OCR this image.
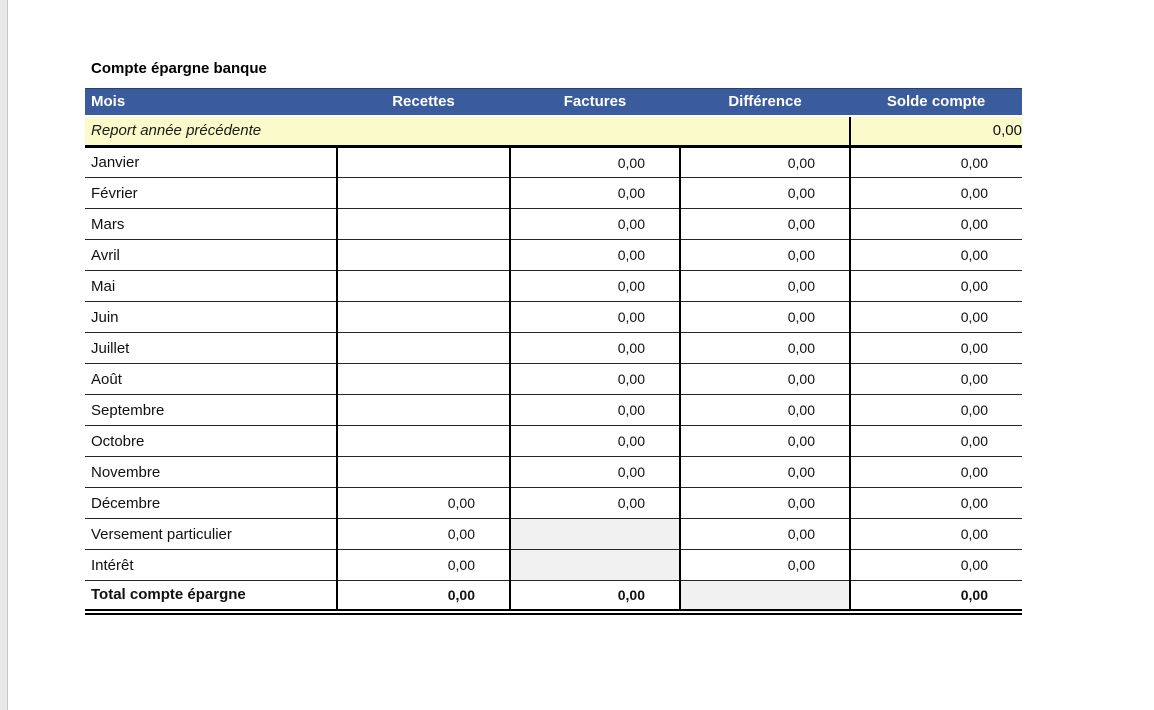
Compte épargne banque
Mois	Recettes	Factures	Différence	Solde compte
Report année précédente				0,00
Janvier		0,00	0,00	0,00
Février		0,00	0,00	0,00
Mars		0,00	0,00	0,00
Avril		0,00	0,00	0,00
Mai		0,00	0,00	0,00
Juin		0,00	0,00	0,00
Juillet		0,00	0,00	0,00
Août		0,00	0,00	0,00
Septembre		0,00	0,00	0,00
Octobre		0,00	0,00	0,00
Novembre		0,00	0,00	0,00
Décembre	0,00	0,00	0,00	0,00
Versement particulier	0,00		0,00	0,00
Intérêt	0,00		0,00	0,00
Total compte épargne	0,00	0,00		0,00
